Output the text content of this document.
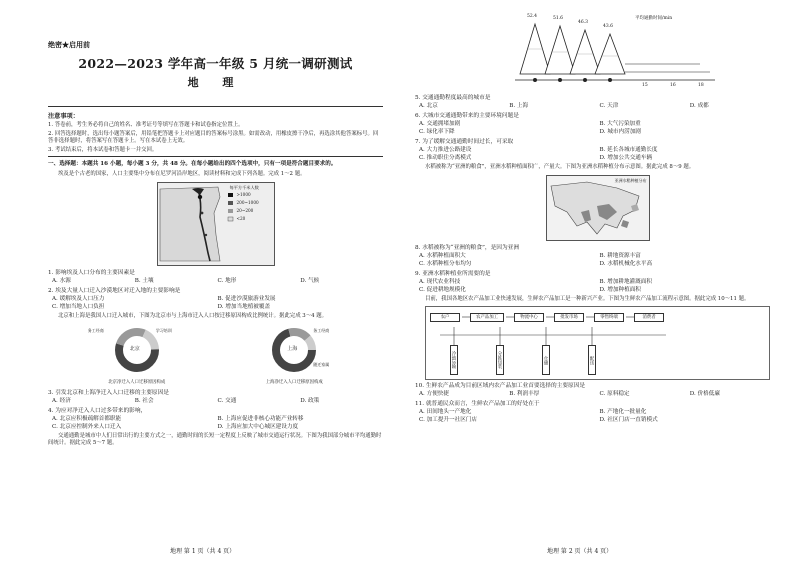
绝密★启用前
2022—2023 学年高一年级 5 月统一调研测试
地 理
注意事项：
1. 答卷前，考生务必将自己的姓名、准考证号等填写在答题卡和试卷指定位置上。
2. 回答选择题时，选出每小题答案后，用铅笔把答题卡上对应题目的答案标号涂黑。如需改动，用橡皮擦干净后，再选涂其他答案标号。回答非选择题时，将答案写在答题卡上。写在本试卷上无效。
3. 考试结束后，将本试卷和答题卡一并交回。
一、选择题：本题共 16 小题，每小题 3 分，共 48 分。在每小题给出的四个选项中，只有一项是符合题目要求的。
埃及是个古老的国家，人口主要集中分布在尼罗河沿岸地区，阅读材料和完成下列各题。完成 1～2 题。
每平方千米人数
>1000
200~1000
20~200
<20
1. 影响埃及人口分布的主要因素是
A. 水源	B. 土壤	C. 地形	D. 气候
2. 埃及大量人口迁入沙漠地区对迁入地的主要影响是
A. 缓解埃及人口压力	B. 促进沙漠旅游业发展
C. 增加当地人口负担	D. 增加当地植被覆盖
北京和上海是我国人口迁入城市，下图为北京市与上海市迁入人口按迁移原因构成比例统计。据此完成 3～4 题。
北京
务工经商	学习培训
北京净迁入人口迁移原因构成
上海
务工经商
随迁家属
上海净迁入人口迁移原因构成
3. 引发北京和上海净迁入人口迁移的主要原因是
A. 经济	B. 社会	C. 交通	D. 政策
4. 为应对净迁入人口过多带来的影响，
A. 北京应积极疏解首都职能	B. 上海应促进非核心功能产业转移
C. 北京应控制外来人口迁入	D. 上海应加大中心城区建设力度
交通通勤是城市中人们日常出行的主要方式之一，通勤时间的长短一定程度上反映了城市交通运行状况。下图为我国部分城市平均通勤时间统计。据此完成 5～7 题。
地理 第 1 页（共 4 页）
平均通勤时间/min
52.4	51.6
46.3
43.6
15	16	18
5. 交通通勤程度最高的城市是
A. 北京	B. 上海	C. 天津	D. 成都
6. 大城市交通通勤带来的主要环境问题是
A. 交通拥堵加剧	B. 大气污染加重
C. 绿化率下降	D. 城市内涝加剧
7. 为了缓解交通通勤时间过长，可采取
A. 大力推进公路建设	B. 延长各城市通勤长度
C. 推动职住分离模式	D. 增加公共交通车辆
水稻被称为“亚洲的粮食”，亚洲水稻种植面积广，产量大。下图为亚洲水稻种植分布示意图。据此完成 8～9 题。
亚洲水稻种植分布
8. 水稻被称为“亚洲的粮食”，是因为亚洲
A. 水稻种植面积大	B. 耕地资源丰富
C. 水稻种植分布均匀	D. 水稻机械化水平高
9. 亚洲水稻种植业所需要的是
A. 现代农业科技	B. 增加耕地灌溉面积
C. 促进耕地规模化	D. 增加种植面积
目前，我国各地区农产品加工业快速发展，生鲜农产品加工是一种新兴产业。下图为生鲜农产品加工流程示意图。据此完成 10～11 题。
农户	农产品加工	物流中心	批发市场	零售终端	消费者
冷链运输	分拣包装	仓储	配送
10. 生鲜农产品成为目前区域内农产品加工业首要选择的主要原因是
A. 方便快捷	B. 利润丰厚	C. 原料稳定	D. 价格低廉
11. 就普通民众而言，生鲜农产品加工的好处在于
A. 田间地头一产地化	B. 产地化一批量化
C. 加工提升一社区门店	D. 社区门店一直销模式
地理 第 2 页（共 4 页）
